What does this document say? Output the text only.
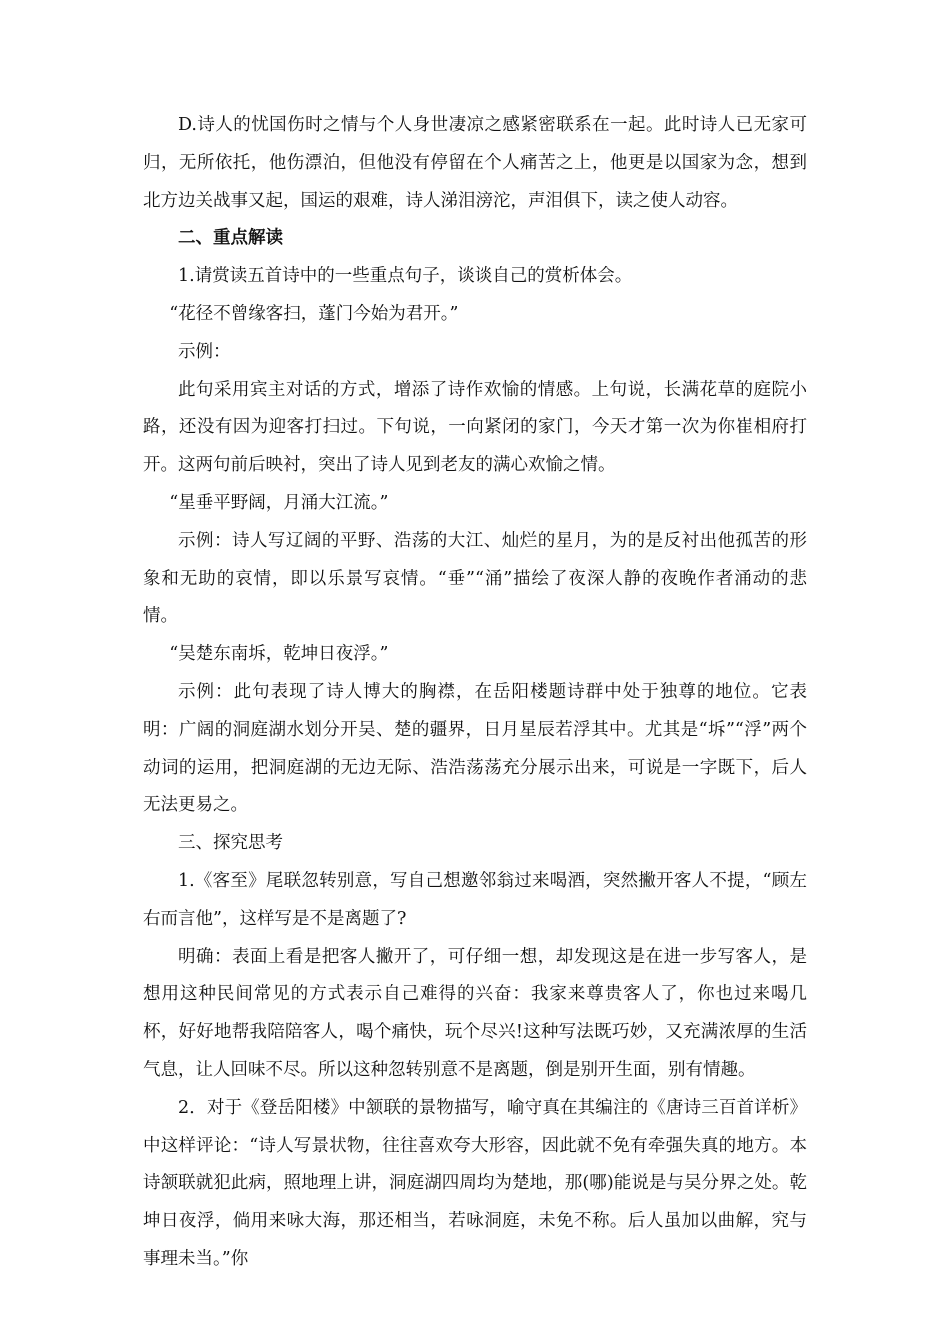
D.诗人的忧国伤时之情与个人身世凄凉之感紧密联系在一起。此时诗人已无家可归，无所依托，他伤漂泊，但他没有停留在个人痛苦之上，他更是以国家为念，想到北方边关战事又起，国运的艰难，诗人涕泪滂沱，声泪俱下，读之使人动容。

二、重点解读

1.请赏读五首诗中的一些重点句子，谈谈自己的赏析体会。

“花径不曾缘客扫，蓬门今始为君开。”

示例：

此句采用宾主对话的方式，增添了诗作欢愉的情感。上句说，长满花草的庭院小路，还没有因为迎客打扫过。下句说，一向紧闭的家门，今天才第一次为你崔相府打开。这两句前后映衬，突出了诗人见到老友的满心欢愉之情。

“星垂平野阔，月涌大江流。”

示例：诗人写辽阔的平野、浩荡的大江、灿烂的星月，为的是反衬出他孤苦的形象和无助的哀情，即以乐景写哀情。“垂”“涌”描绘了夜深人静的夜晚作者涌动的悲情。

“吴楚东南坼，乾坤日夜浮。”

示例：此句表现了诗人博大的胸襟，在岳阳楼题诗群中处于独尊的地位。它表明：广阔的洞庭湖水划分开吴、楚的疆界，日月星辰若浮其中。尤其是“坼”“浮”两个动词的运用，把洞庭湖的无边无际、浩浩荡荡充分展示出来，可说是一字既下，后人无法更易之。

三、探究思考

1.《客至》尾联忽转别意，写自己想邀邻翁过来喝酒，突然撇开客人不提，“顾左右而言他”，这样写是不是离题了?

明确：表面上看是把客人撇开了，可仔细一想，却发现这是在进一步写客人，是想用这种民间常见的方式表示自己难得的兴奋：我家来尊贵客人了，你也过来喝几杯，好好地帮我陪陪客人，喝个痛快，玩个尽兴!这种写法既巧妙，又充满浓厚的生活气息，让人回味不尽。所以这种忽转别意不是离题，倒是别开生面，别有情趣。

2．对于《登岳阳楼》中颔联的景物描写，喻守真在其编注的《唐诗三百首详析》中这样评论：“诗人写景状物，往往喜欢夸大形容，因此就不免有牵强失真的地方。本诗颔联就犯此病，照地理上讲，洞庭湖四周均为楚地，那(哪)能说是与吴分界之处。乾坤日夜浮，倘用来咏大海，那还相当，若咏洞庭，未免不称。后人虽加以曲解，究与事理未当。”你
